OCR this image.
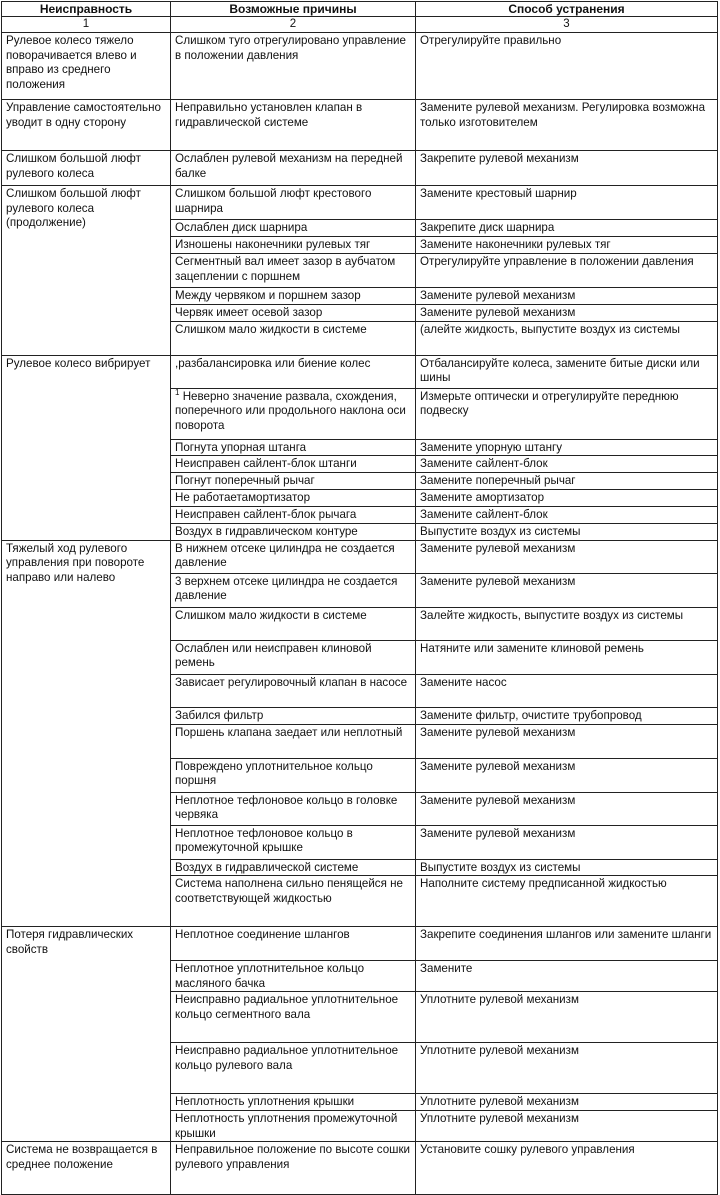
Неисправность	Возможные причины	Способ устранения
1	2	3
Рулевое колесо тяжело поворачивается влево и вправо из среднего положения	Слишком туго отрегулировано управление в положении давления	Отрегулируйте правильно
Управление самостоятельно уводит в одну сторону	Неправильно установлен клапан в гидравлической системе	Замените рулевой механизм. Регулировка возможна только изготовителем
Слишком большой люфт рулевого колеса	Ослаблен рулевой механизм на передней балке	Закрепите рулевой механизм
Слишком большой люфт рулевого колеса (продолжение)	Слишком большой люфт крестового шарнира	Замените крестовый шарнир
	Ослаблен диск шарнира	Закрепите диск шарнира
	Изношены наконечники рулевых тяг	Замените наконечники рулевых тяг
	Сегментный вал имеет зазор в аубчатом зацеплении с поршнем	Отрегулируйте управление в положении давления
	Между червяком и поршнем зазор	Замените рулевой механизм
	Червяк имеет осевой зазор	Замените рулевой механизм
	Слишком мало жидкости в системе	(алейте жидкость, выпустите воздух из системы
Рулевое колесо вибрирует	,разбалансировка или биение колес	Отбалансируйте колеса, замените битые диски или шины
	$^1$ Неверно значение развала, схождения, поперечного или продольного наклона оси поворота	Измерьте оптически и отрегулируйте переднюю подвеску
	Погнута упорная штанга	Замените упорную штангу
	Неисправен сайлент-блок штанги	Замените сайлент-блок
	Погнут поперечный рычаг	Замените поперечный рычаг
	Не работаетамортизатор	Замените амортизатор
	Неисправен сайлент-блок рычага	Замените сайлент-блок
	Воздух в гидравлическом контуре	Выпустите воздух из системы
Тяжелый ход рулевого управления при повороте направо или налево	В нижнем отсеке цилиндра не создается давление	Замените рулевой механизм
	3 верхнем отсеке цилиндра не создается давление	Замените рулевой механизм
	Слишком мало жидкости в системе	Залейте жидкость, выпустите воздух из системы
	Ослаблен или неисправен клиновой ремень	Натяните или замените клиновой ремень
	Зависает регулировочный клапан в насосе	Замените насос
	Забился фильтр	Замените фильтр, очистите трубопровод
	Поршень клапана заедает или неплотный	Замените рулевой механизм
	Повреждено уплотнительное кольцо поршня	Замените рулевой механизм
	Неплотное тефлоновое кольцо в головке червяка	Замените рулевой механизм
	Неплотное тефлоновое кольцо в промежуточной крышке	Замените рулевой механизм
	Воздух в гидравлической системе	Выпустите воздух из системы
	Система наполнена сильно пенящейся не соответствующей жидкостью	Наполните систему предписанной жидкостью
Потеря гидравлических свойств	Неплотное соединение шлангов	Закрепите соединения шлангов или замените шланги
	Неплотное уплотнительное кольцо масляного бачка	Замените
	Неисправно радиальное уплотнительное кольцо сегментного вала	Уплотните рулевой механизм
	Неисправно радиальное уплотнительное кольцо рулевого вала	Уплотните рулевой механизм
	Неплотность уплотнения крышки	Уплотните рулевой механизм
	Неплотность уплотнения промежуточной крышки	Уплотните рулевой механизм
Система не возвращается в среднее положение	Неправильное положение по высоте сошки рулевого управления	Установите сошку рулевого управления
